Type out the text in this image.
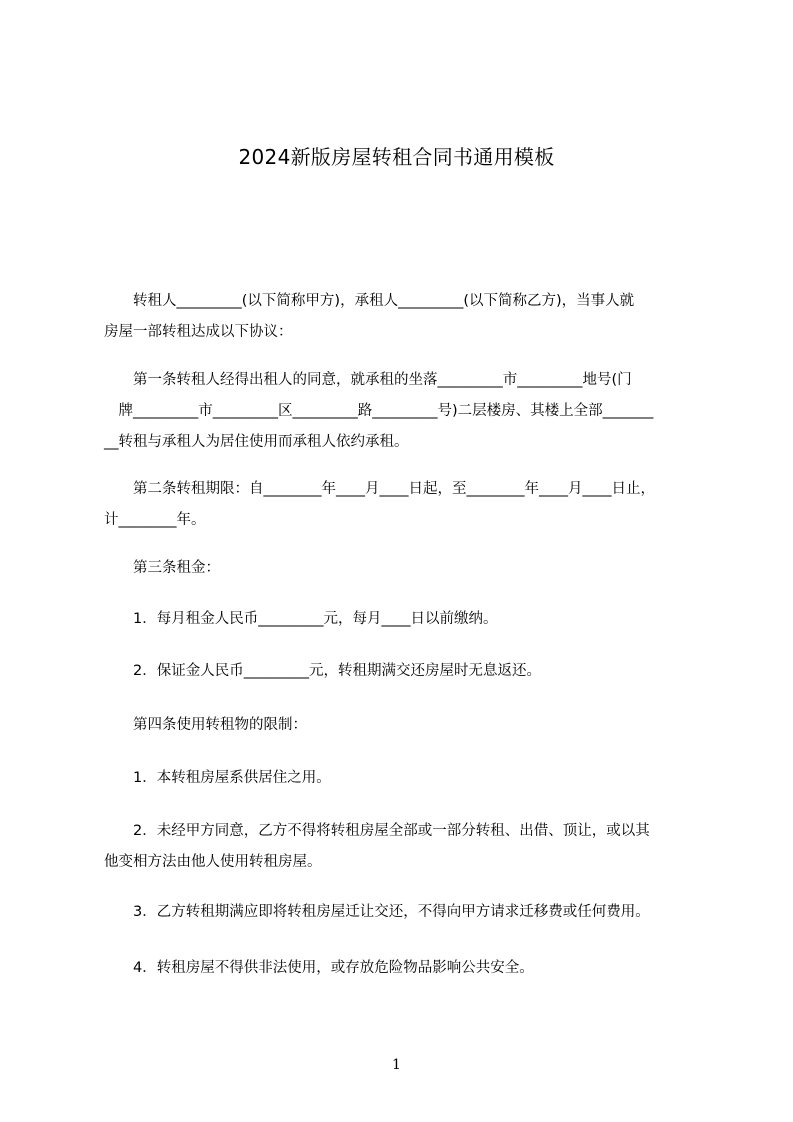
2024新版房屋转租合同书通用模板
　　转租人_________(以下简称甲方)，承租人_________(以下简称乙方)，当事人就
房屋一部转租达成以下协议：
　　第一条转租人经得出租人的同意，就承租的坐落_________市_________地号(门
　牌_________市_________区_________路_________号)二层楼房、其楼上全部_______
__转租与承租人为居住使用而承租人依约承租。
　　第二条转租期限：自________年____月____日起，至________年____月____日止，
计________年。
　　第三条租金：
　　1．每月租金人民币_________元，每月____日以前缴纳。
　　2．保证金人民币_________元，转租期满交还房屋时无息返还。
　　第四条使用转租物的限制：
　　1．本转租房屋系供居住之用。
　　2．未经甲方同意，乙方不得将转租房屋全部或一部分转租、出借、顶让，或以其
他变相方法由他人使用转租房屋。
　　3．乙方转租期满应即将转租房屋迁让交还，不得向甲方请求迁移费或任何费用。
　　4．转租房屋不得供非法使用，或存放危险物品影响公共安全。
1
